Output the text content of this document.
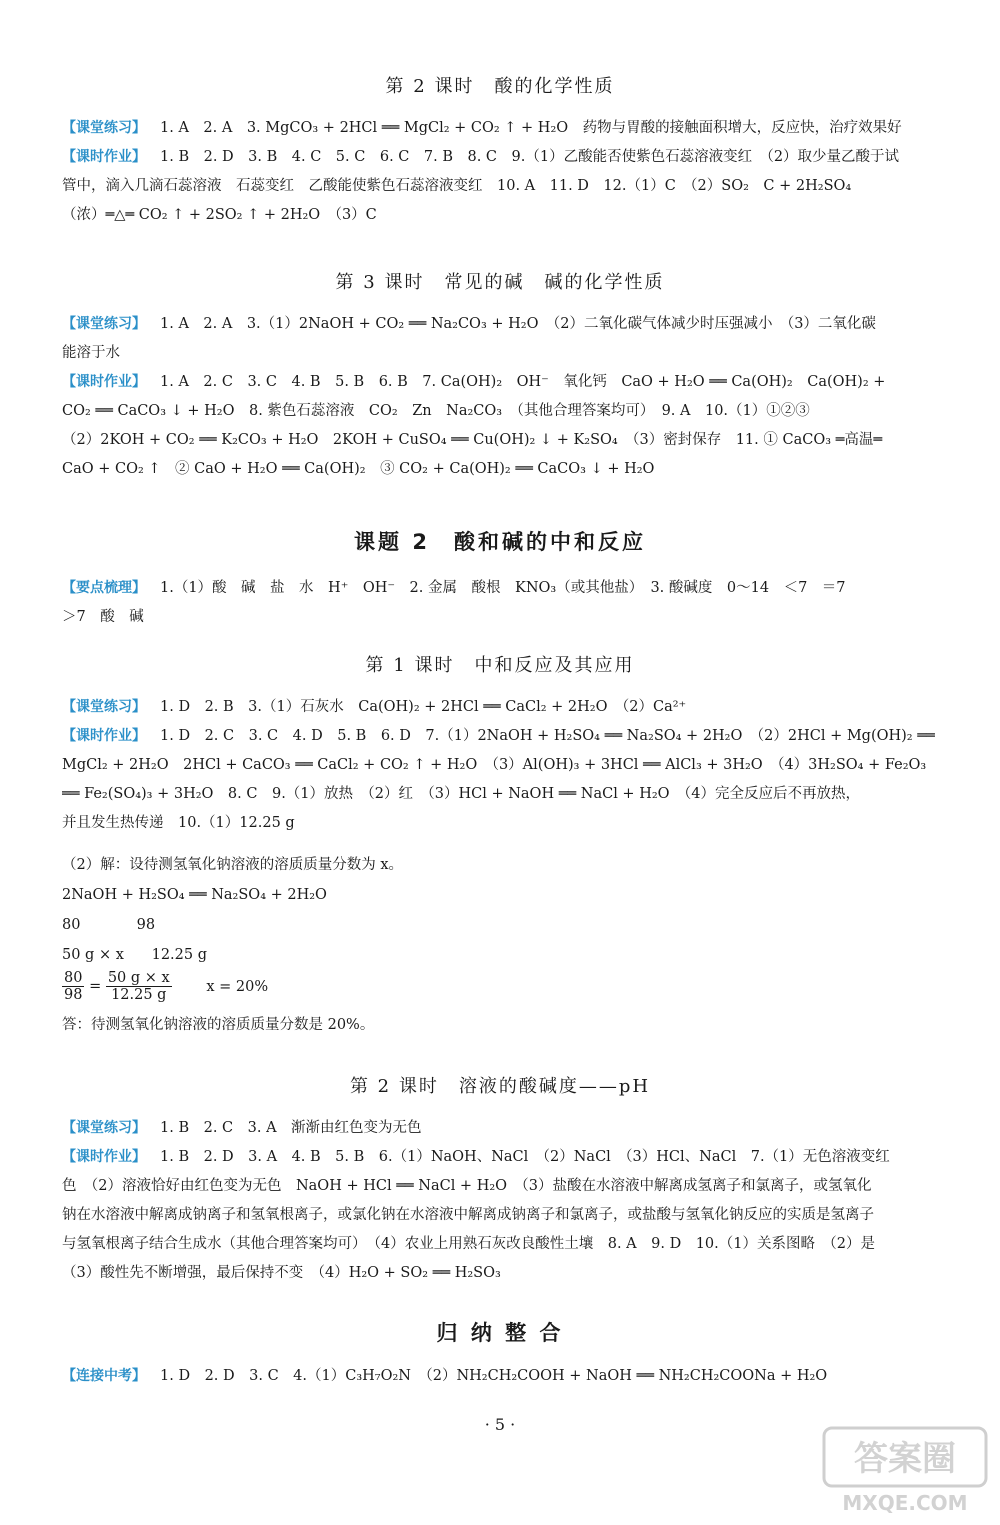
第 2 课时　酸的化学性质
【课堂练习】 1. A　2. A　3. MgCO₃ + 2HCl ══ MgCl₂ + CO₂ ↑ + H₂O　药物与胃酸的接触面积增大，反应快，治疗效果好
【课时作业】 1. B　2. D　3. B　4. C　5. C　6. C　7. B　8. C　9.（1）乙酸能否使紫色石蕊溶液变红　（2）取少量乙酸于试
管中，滴入几滴石蕊溶液　石蕊变红　乙酸能使紫色石蕊溶液变红　10. A　11. D　12.（1）C　（2）SO₂　C + 2H₂SO₄
（浓）═△═ CO₂ ↑ + 2SO₂ ↑ + 2H₂O　（3）C
第 3 课时　常见的碱　碱的化学性质
【课堂练习】 1. A　2. A　3.（1）2NaOH + CO₂ ══ Na₂CO₃ + H₂O　（2）二氧化碳气体减少时压强减小　（3）二氧化碳
能溶于水
【课时作业】 1. A　2. C　3. C　4. B　5. B　6. B　7. Ca(OH)₂　OH⁻　氧化钙　CaO + H₂O ══ Ca(OH)₂　Ca(OH)₂ +
CO₂ ══ CaCO₃ ↓ + H₂O　8. 紫色石蕊溶液　CO₂　Zn　Na₂CO₃　（其他合理答案均可）　9. A　10.（1）①②③
（2）2KOH + CO₂ ══ K₂CO₃ + H₂O　2KOH + CuSO₄ ══ Cu(OH)₂ ↓ + K₂SO₄　（3）密封保存　11. ① CaCO₃ ═高温═
CaO + CO₂ ↑　② CaO + H₂O ══ Ca(OH)₂　③ CO₂ + Ca(OH)₂ ══ CaCO₃ ↓ + H₂O
课题 2　酸和碱的中和反应
【要点梳理】 1.（1）酸　碱　盐　水　H⁺　OH⁻　2. 金属　酸根　KNO₃（或其他盐）　3. 酸碱度　0～14　＜7　＝7
＞7　酸　碱
第 1 课时　中和反应及其应用
【课堂练习】 1. D　2. B　3.（1）石灰水　Ca(OH)₂ + 2HCl ══ CaCl₂ + 2H₂O　（2）Ca²⁺
【课时作业】 1. D　2. C　3. C　4. D　5. B　6. D　7.（1）2NaOH + H₂SO₄ ══ Na₂SO₄ + 2H₂O　（2）2HCl + Mg(OH)₂ ══
MgCl₂ + 2H₂O　2HCl + CaCO₃ ══ CaCl₂ + CO₂ ↑ + H₂O　（3）Al(OH)₃ + 3HCl ══ AlCl₃ + 3H₂O　（4）3H₂SO₄ + Fe₂O₃
══ Fe₂(SO₄)₃ + 3H₂O　8. C　9.（1）放热　（2）红　（3）HCl + NaOH ══ NaCl + H₂O　（4）完全反应后不再放热，
并且发生热传递　10.（1）12.25 g
（2）解：设待测氢氧化钠溶液的溶质质量分数为 x。
2NaOH + H₂SO₄ ══ Na₂SO₄ + 2H₂O
80	98
50 g × x 12.25 g
$\frac{80}{98} = \frac{50 g \times x}{12.25 g}$ x = 20%
答：待测氢氧化钠溶液的溶质质量分数是 20%。
第 2 课时　溶液的酸碱度——pH
【课堂练习】 1. B　2. C　3. A　渐渐由红色变为无色
【课时作业】 1. B　2. D　3. A　4. B　5. B　6.（1）NaOH、NaCl　（2）NaCl　（3）HCl、NaCl　7.（1）无色溶液变红
色　（2）溶液恰好由红色变为无色　NaOH + HCl ══ NaCl + H₂O　（3）盐酸在水溶液中解离成氢离子和氯离子，或氢氧化
钠在水溶液中解离成钠离子和氢氧根离子，或氯化钠在水溶液中解离成钠离子和氯离子，或盐酸与氢氧化钠反应的实质是氢离子
与氢氧根离子结合生成水（其他合理答案均可）　（4）农业上用熟石灰改良酸性土壤　8. A　9. D　10.（1）关系图略　（2）是
（3）酸性先不断增强，最后保持不变　（4）H₂O + SO₂ ══ H₂SO₃
归 纳 整 合
【连接中考】 1. D　2. D　3. C　4.（1）C₃H₇O₂N　（2）NH₂CH₂COOH + NaOH ══ NH₂CH₂COONa + H₂O
· 5 ·
答案圈
MXQE.COM
